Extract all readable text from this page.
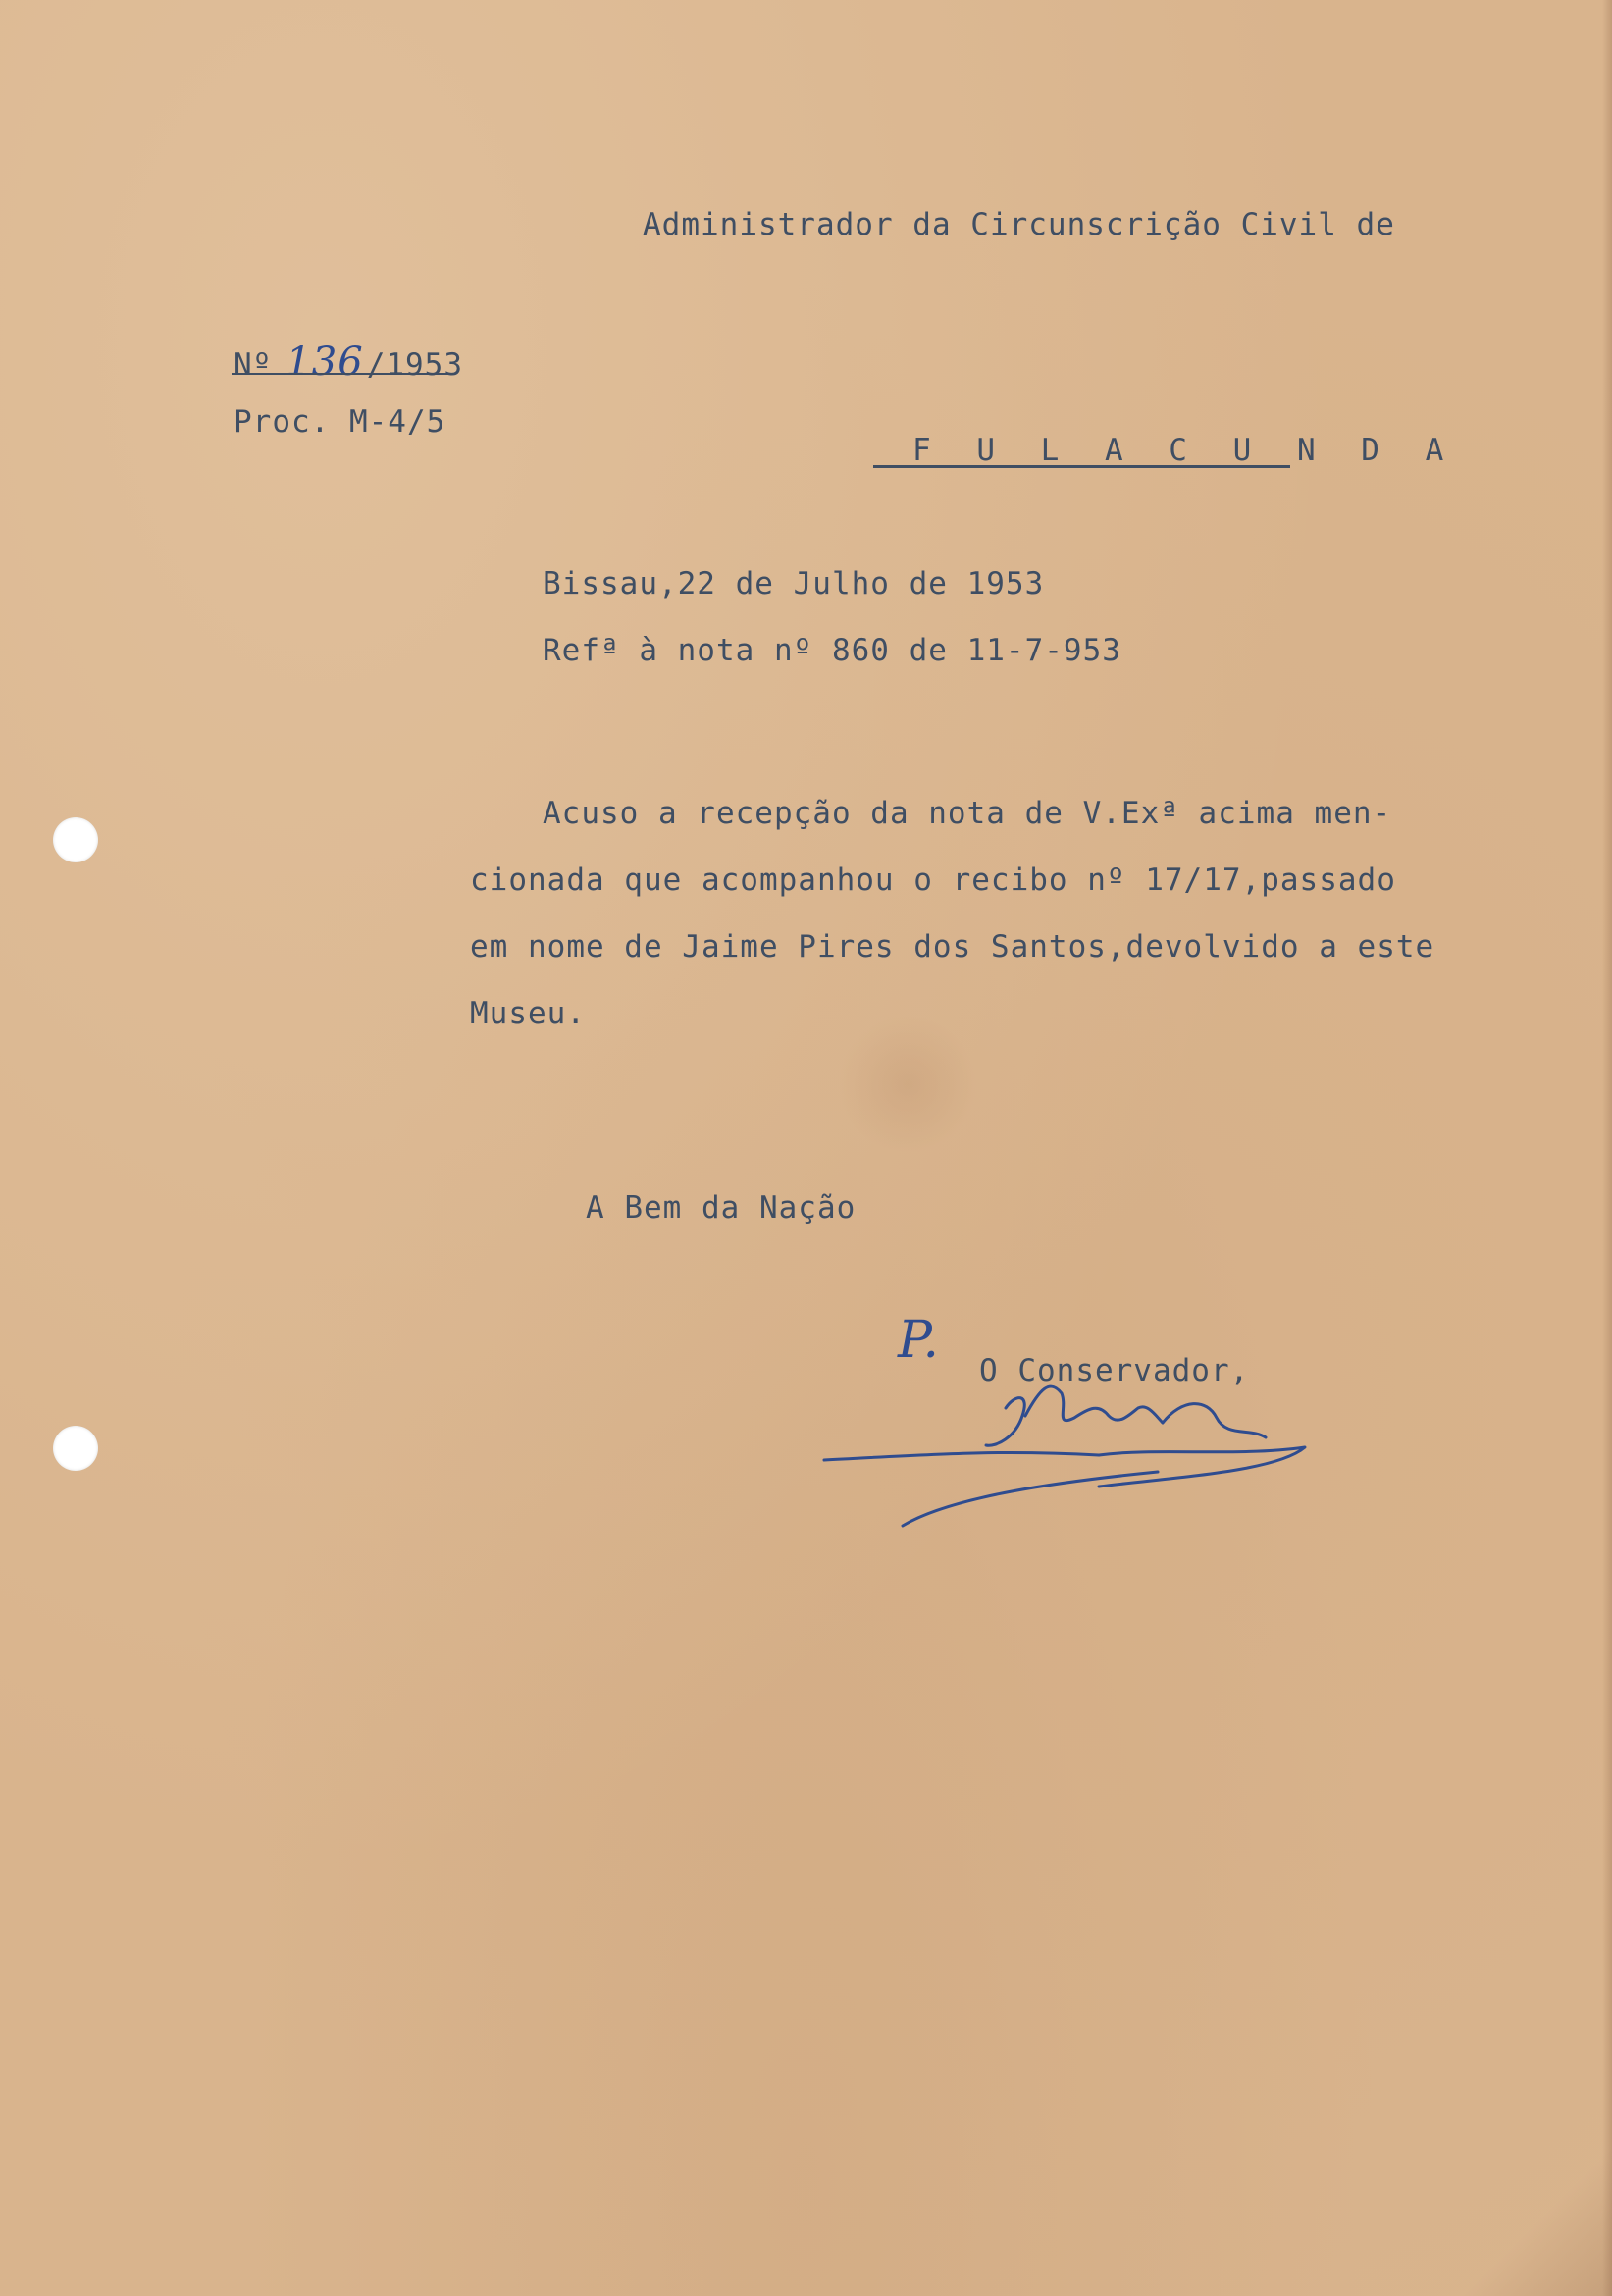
Administrador da Circunscrição Civil de
F U L A C U N D A
Nº 136/1953
Proc. M-4/5
Bissau,22 de Julho de 1953
Refª à nota nº 860 de 11-7-953
Acuso a recepção da nota de V.Exª acima men-
cionada que acompanhou o recibo nº 17/17,passado
em nome de Jaime Pires dos Santos,devolvido a este
Museu.
A Bem da Nação
P.
O Conservador,
